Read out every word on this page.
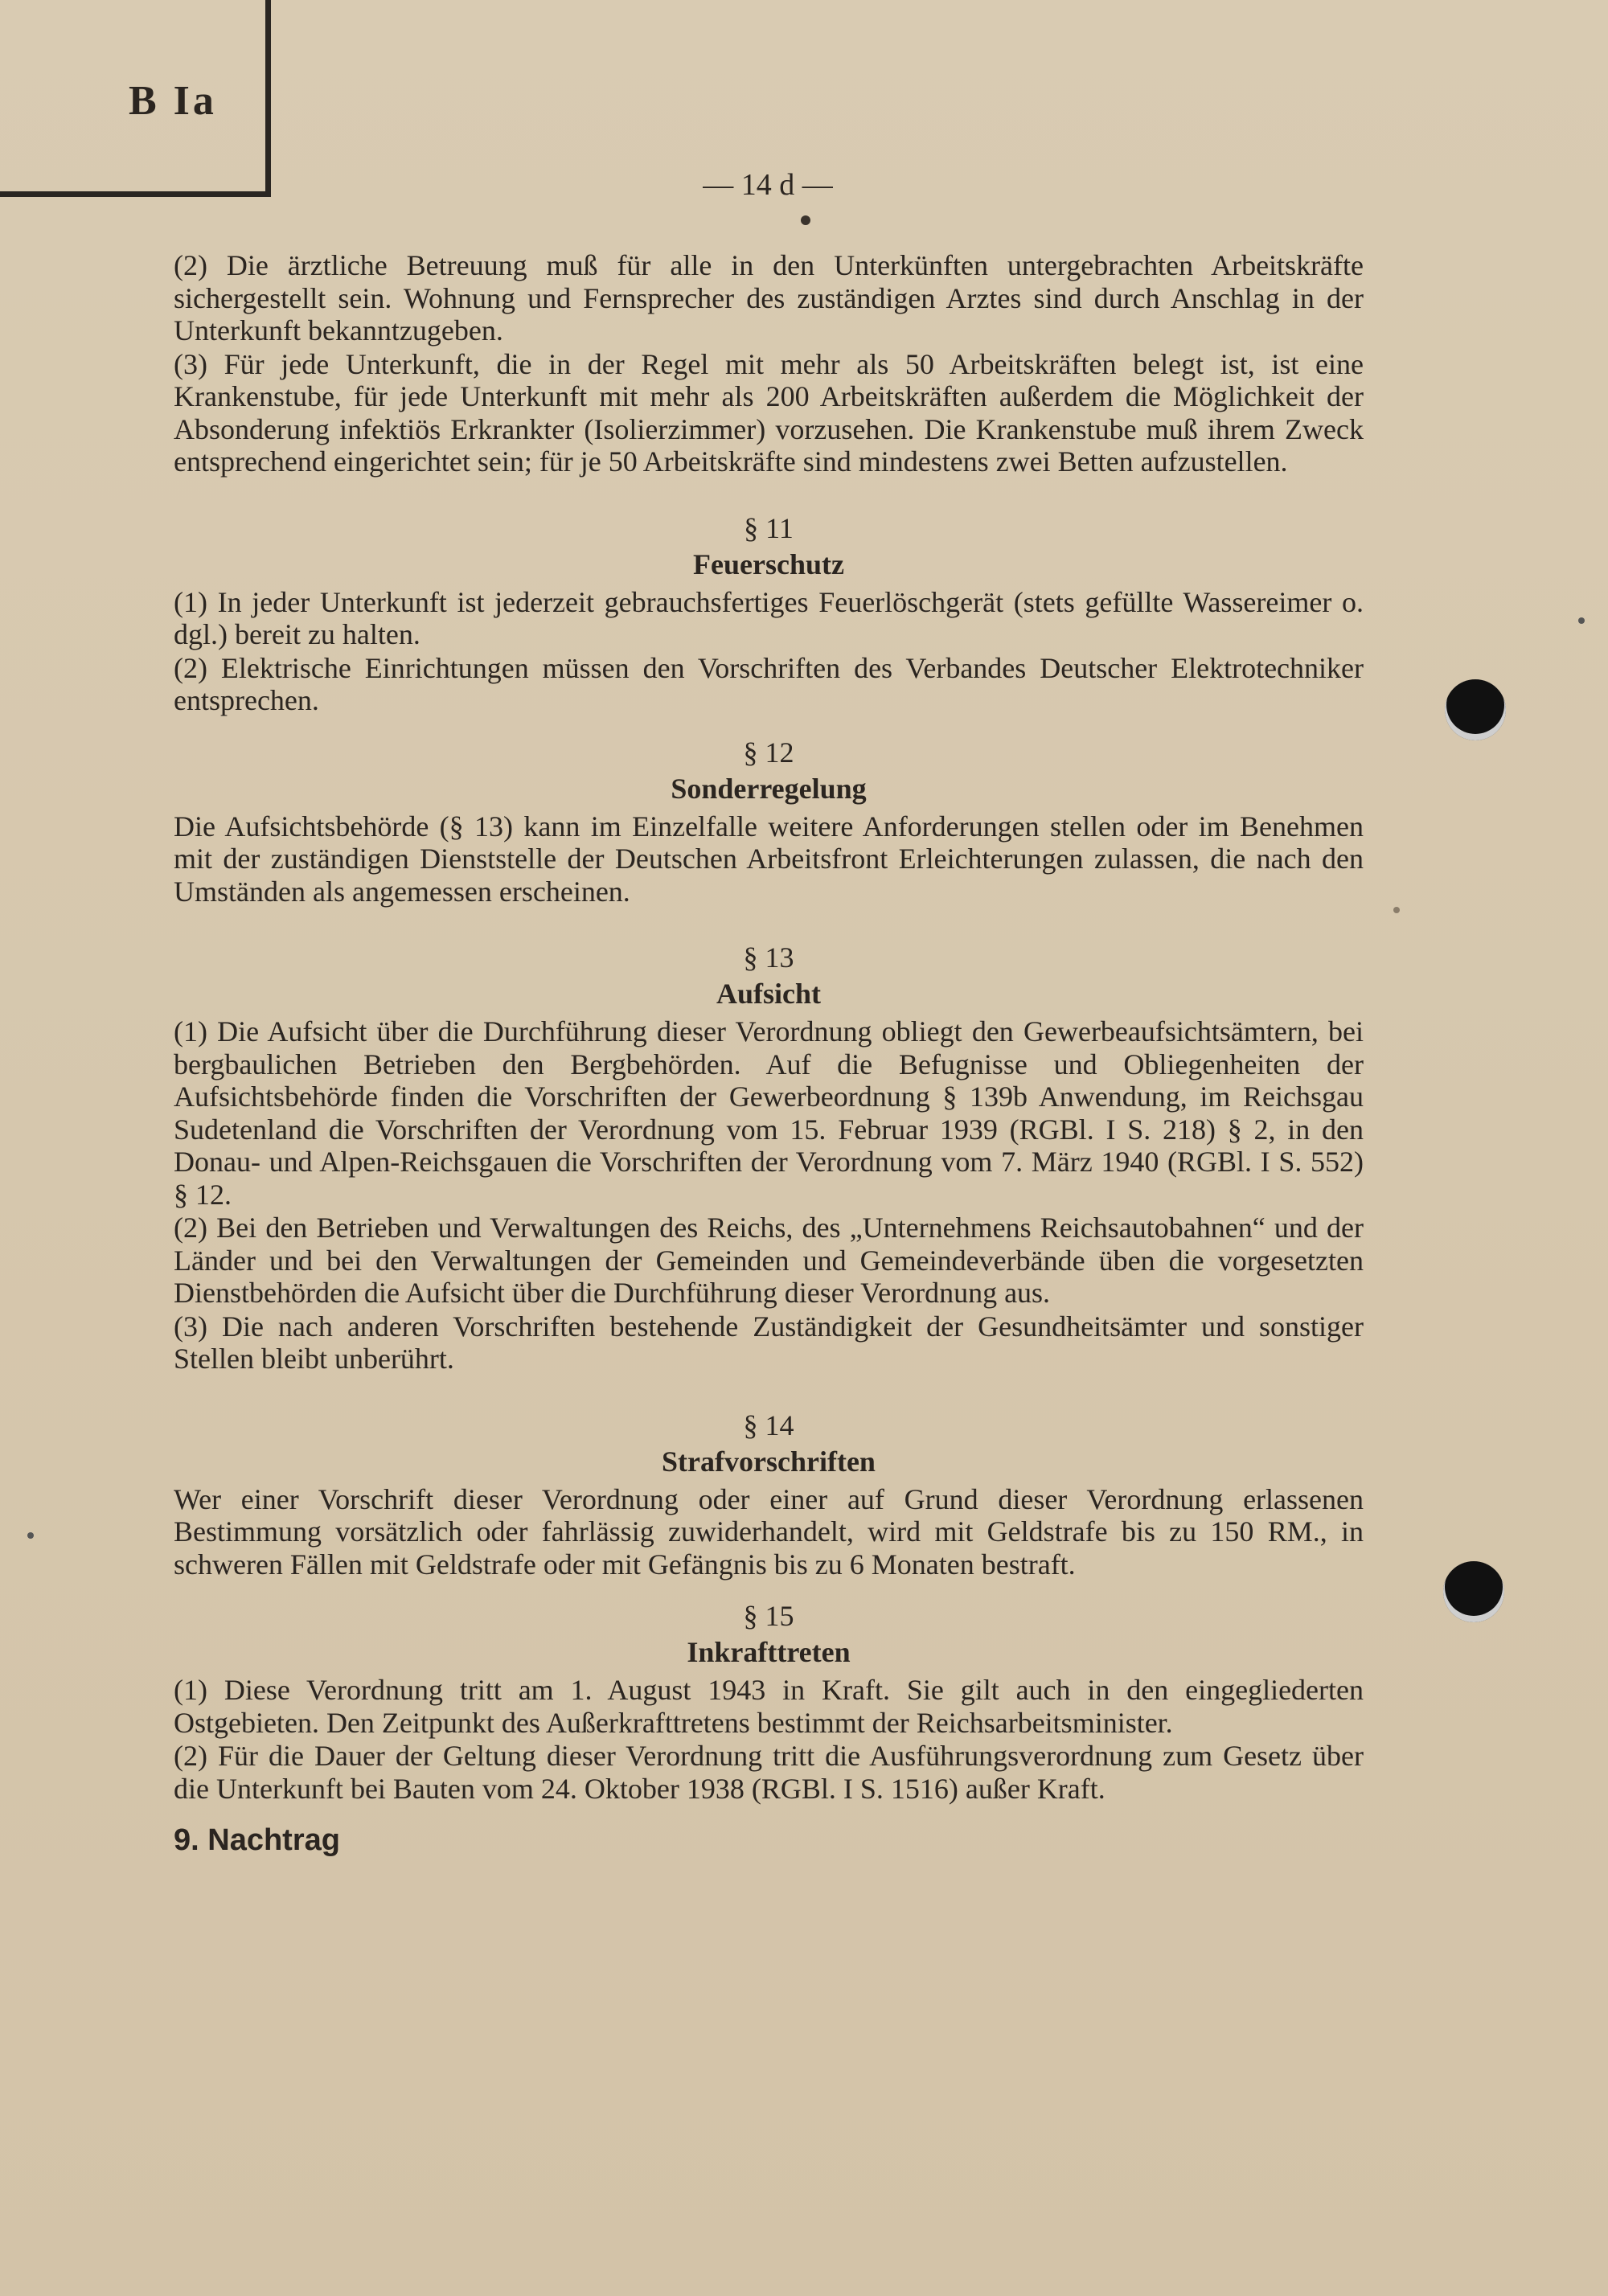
B Ia
— 14 d —

(2) Die ärztliche Betreuung muß für alle in den Unterkünften untergebrachten Arbeitskräfte sichergestellt sein. Wohnung und Fernsprecher des zuständigen Arztes sind durch Anschlag in der Unterkunft bekanntzugeben.

(3) Für jede Unterkunft, die in der Regel mit mehr als 50 Arbeitskräften belegt ist, ist eine Krankenstube, für jede Unterkunft mit mehr als 200 Arbeitskräften außerdem die Möglichkeit der Absonderung infektiös Erkrankter (Isolierzimmer) vorzusehen. Die Krankenstube muß ihrem Zweck entsprechend eingerichtet sein; für je 50 Arbeitskräfte sind mindestens zwei Betten aufzustellen.

§ 11
Feuerschutz

(1) In jeder Unterkunft ist jederzeit gebrauchsfertiges Feuerlöschgerät (stets gefüllte Wassereimer o. dgl.) bereit zu halten.

(2) Elektrische Einrichtungen müssen den Vorschriften des Verbandes Deutscher Elektrotechniker entsprechen.

§ 12
Sonderregelung

Die Aufsichtsbehörde (§ 13) kann im Einzelfalle weitere Anforderungen stellen oder im Benehmen mit der zuständigen Dienststelle der Deutschen Arbeitsfront Erleichterungen zulassen, die nach den Umständen als angemessen erscheinen.

§ 13
Aufsicht

(1) Die Aufsicht über die Durchführung dieser Verordnung obliegt den Gewerbeaufsichtsämtern, bei bergbaulichen Betrieben den Bergbehörden. Auf die Befugnisse und Obliegenheiten der Aufsichtsbehörde finden die Vorschriften der Gewerbeordnung § 139b Anwendung, im Reichsgau Sudetenland die Vorschriften der Verordnung vom 15. Februar 1939 (RGBl. I S. 218) § 2, in den Donau- und Alpen-Reichsgauen die Vorschriften der Verordnung vom 7. März 1940 (RGBl. I S. 552) § 12.

(2) Bei den Betrieben und Verwaltungen des Reichs, des „Unternehmens Reichsautobahnen“ und der Länder und bei den Verwaltungen der Gemeinden und Gemeindeverbände üben die vorgesetzten Dienstbehörden die Aufsicht über die Durchführung dieser Verordnung aus.

(3) Die nach anderen Vorschriften bestehende Zuständigkeit der Gesundheitsämter und sonstiger Stellen bleibt unberührt.

§ 14
Strafvorschriften

Wer einer Vorschrift dieser Verordnung oder einer auf Grund dieser Verordnung erlassenen Bestimmung vorsätzlich oder fahrlässig zuwiderhandelt, wird mit Geldstrafe bis zu 150 RM., in schweren Fällen mit Geldstrafe oder mit Gefängnis bis zu 6 Monaten bestraft.

§ 15
Inkrafttreten

(1) Diese Verordnung tritt am 1. August 1943 in Kraft. Sie gilt auch in den eingegliederten Ostgebieten. Den Zeitpunkt des Außerkrafttretens bestimmt der Reichsarbeitsminister.

(2) Für die Dauer der Geltung dieser Verordnung tritt die Ausführungsverordnung zum Gesetz über die Unterkunft bei Bauten vom 24. Oktober 1938 (RGBl. I S. 1516) außer Kraft.

9. Nachtrag
